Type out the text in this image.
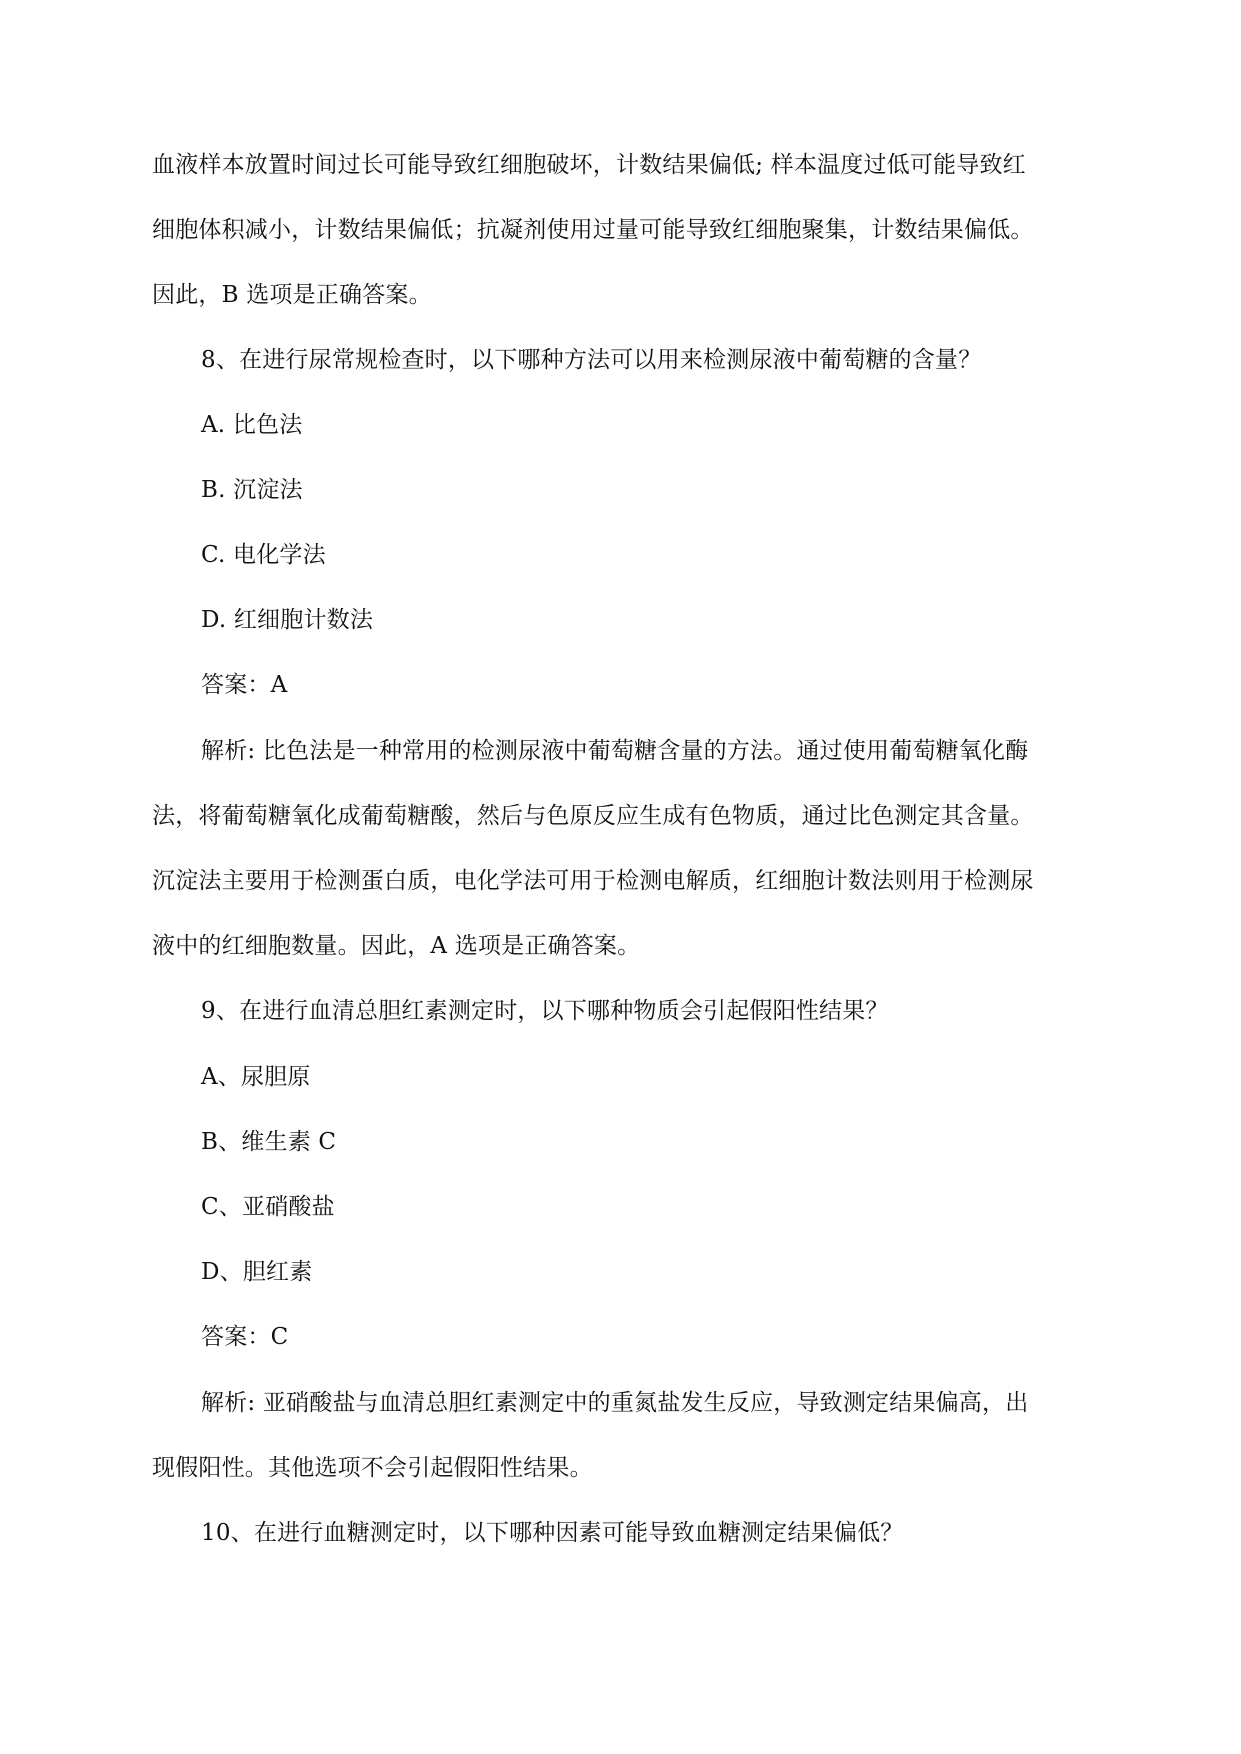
血液样本放置时间过长可能导致红细胞破坏，计数结果偏低; 样本温度过低可能导致红

细胞体积减小，计数结果偏低；抗凝剂使用过量可能导致红细胞聚集，计数结果偏低。

因此，B 选项是正确答案。

8、在进行尿常规检查时，以下哪种方法可以用来检测尿液中葡萄糖的含量？

A. 比色法

B. 沉淀法

C. 电化学法

D. 红细胞计数法

答案：A

解析: 比色法是一种常用的检测尿液中葡萄糖含量的方法。通过使用葡萄糖氧化酶

法，将葡萄糖氧化成葡萄糖酸，然后与色原反应生成有色物质，通过比色测定其含量。

沉淀法主要用于检测蛋白质，电化学法可用于检测电解质，红细胞计数法则用于检测尿

液中的红细胞数量。因此，A 选项是正确答案。

9、在进行血清总胆红素测定时，以下哪种物质会引起假阳性结果？

A、尿胆原

B、维生素 C

C、亚硝酸盐

D、胆红素

答案：C

解析: 亚硝酸盐与血清总胆红素测定中的重氮盐发生反应，导致测定结果偏高，出

现假阳性。其他选项不会引起假阳性结果。

10、在进行血糖测定时，以下哪种因素可能导致血糖测定结果偏低？
